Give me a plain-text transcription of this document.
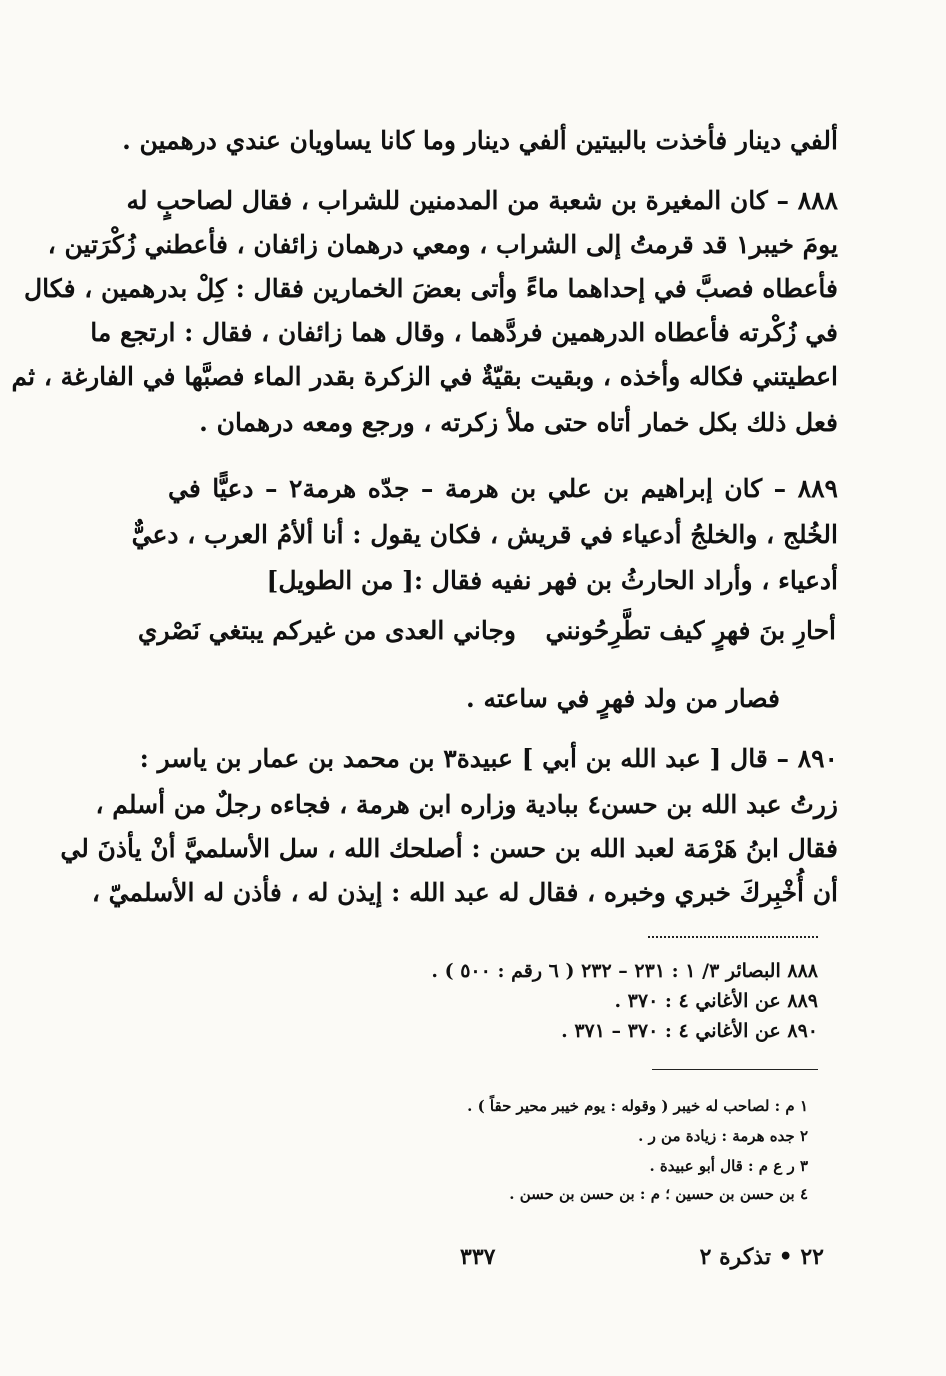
ألفي دينار فأخذت بالبيتين ألفي دينار وما كانا يساويان عندي درهمين .
٨٨٨ – كان المغيرة بن شعبة من المدمنين للشراب ، فقال لصاحبٍ له
يومَ خيبر١ قد قرمتُ إلى الشراب ، ومعي درهمان زائفان ، فأعطني زُكْرَتين ،
فأعطاه فصبَّ في إحداهما ماءً وأتى بعضَ الخمارين فقال : كِلْ بدرهمين ، فكال
في زُكْرته فأعطاه الدرهمين فردَّهما ، وقال هما زائفان ، فقال : ارتجع ما
اعطيتني فكاله وأخذه ، وبقيت بقيّةٌ في الزكرة بقدر الماء فصبَّها في الفارغة ، ثم
فعل ذلك بكل خمار أتاه حتى ملأ زكرته ، ورجع ومعه درهمان .
٨٨٩ – كان إبراهيم بن علي بن هرمة – جدّه هرمة٢ – دعيًّا في
الخُلج ، والخلجُ أدعياء في قريش ، فكان يقول : أنا ألأمُ العرب ، دعيٌّ
أدعياء ، وأراد الحارثُ بن فهر نفيه فقال :[ من الطويل]
وجاني العدى من غيركم يبتغي نَصْري أحارِ بنَ فهرٍ كيف تطَّرِحُونني
فصار من ولد فهرٍ في ساعته .
٨٩٠ – قال [ عبد الله بن أبي ] عبيدة٣ بن محمد بن عمار بن ياسر :
زرتُ عبد الله بن حسن٤ ببادية وزاره ابن هرمة ، فجاءه رجلٌ من أسلم ،
فقال ابنُ هَرْمَة لعبد الله بن حسن : أصلحك الله ، سل الأسلميَّ أنْ يأذنَ لي
أن أُخْبِركَ خبري وخبره ، فقال له عبد الله : إيذن له ، فأذن له الأسلميّ ،
٨٨٨ البصائر ٣/ ١ : ٢٣١ – ٢٣٢ ( ٦ رقم : ٥٠٠ ) .
٨٨٩ عن الأغاني ٤ : ٣٧٠ .
٨٩٠ عن الأغاني ٤ : ٣٧٠ – ٣٧١ .
١ م : لصاحب له خيبر ( وقوله : يوم خيبر محير حقاً ) .
٢ جده هرمة : زيادة من ر .
٣ ر ع م : قال أبو عبيدة .
٤ بن حسن بن حسين ؛ م : بن حسن بن حسن .
٣٣٧	٢٢ • تذكرة ٢
